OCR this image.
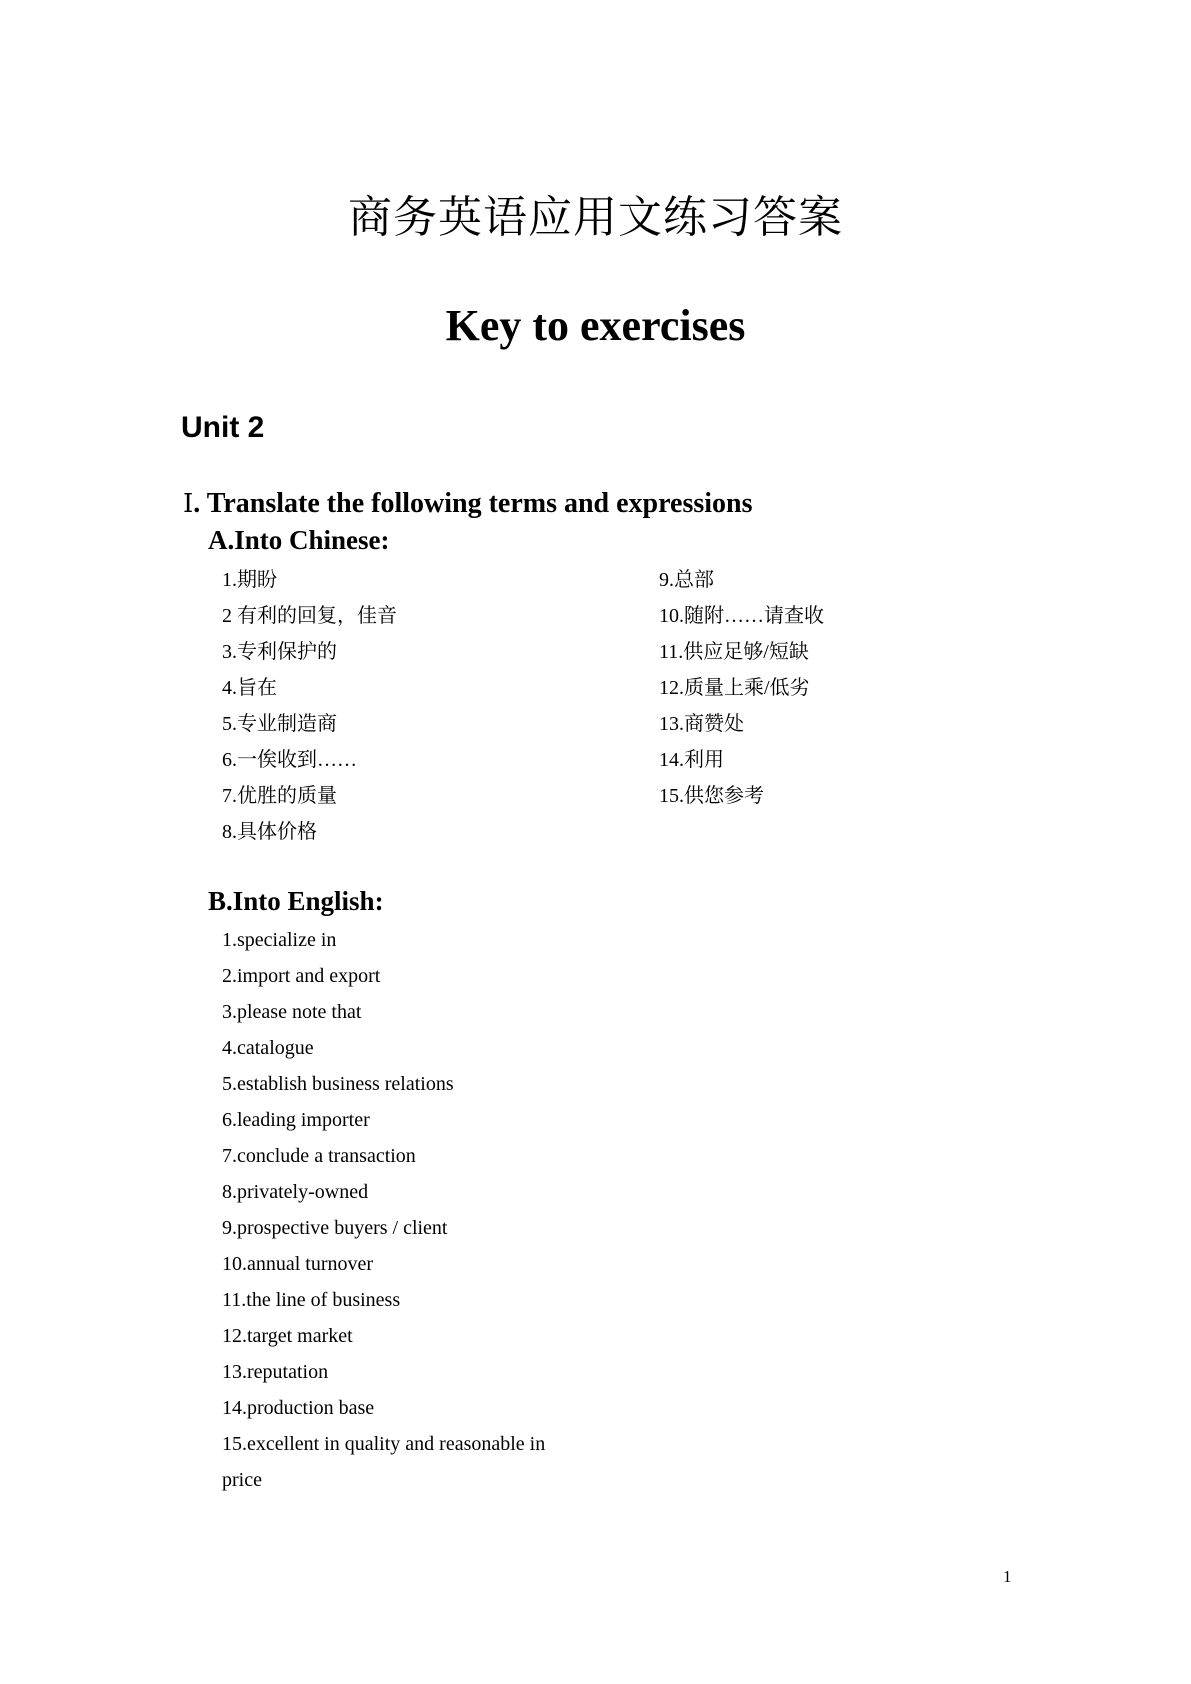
商务英语应用文练习答案
Key to exercises
Unit 2
Ⅰ. Translate the following terms and expressions
A.Into Chinese:
1.期盼
2 有利的回复，佳音
3.专利保护的
4.旨在
5.专业制造商
6.一俟收到……
7.优胜的质量
8.具体价格
9.总部
10.随附……请查收
11.供应足够/短缺
12.质量上乘/低劣
13.商赞处
14.利用
15.供您参考
B.Into English:
1.specialize in
2.import and export
3.please note that
4.catalogue
5.establish business relations
6.leading importer
7.conclude a transaction
8.privately-owned
9.prospective buyers / client
10.annual turnover
11.the line of business
12.target market
13.reputation
14.production base
15.excellent in quality and reasonable in
price
1
